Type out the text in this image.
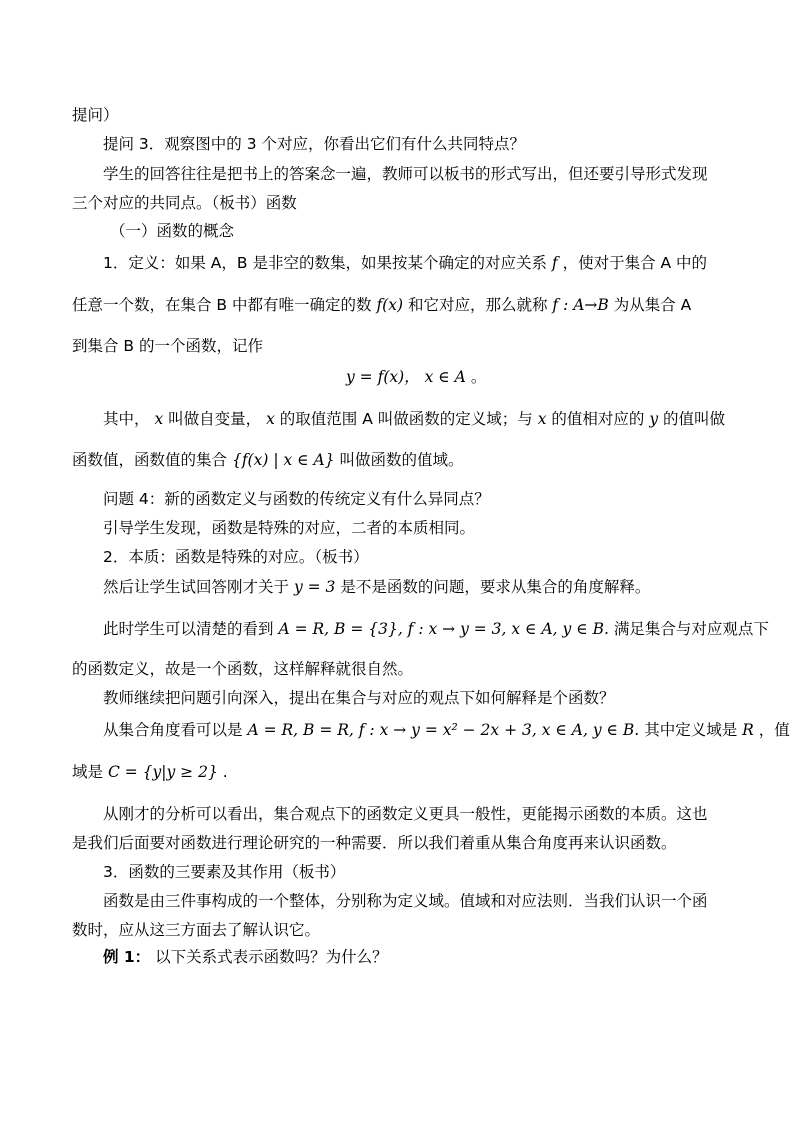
提问）
提问 3．观察图中的 3 个对应，你看出它们有什么共同特点？
学生的回答往往是把书上的答案念一遍，教师可以板书的形式写出，但还要引导形式发现
三个对应的共同点。（板书）函数
（一）函数的概念
1．定义：如果 A，B 是非空的数集，如果按某个确定的对应关系 f ，使对于集合 A 中的
任意一个数，在集合 B 中都有唯一确定的数 f(x) 和它对应，那么就称 f : A→B 为从集合 A
到集合 B 的一个函数，记作
y = f(x)， x ∈ A 。
其中， x 叫做自变量， x 的取值范围 A 叫做函数的定义域；与 x 的值相对应的 y 的值叫做
函数值，函数值的集合 {f(x) | x ∈ A} 叫做函数的值域。
问题 4：新的函数定义与函数的传统定义有什么异同点？
引导学生发现，函数是特殊的对应，二者的本质相同。
2．本质：函数是特殊的对应。（板书）
然后让学生试回答刚才关于 y = 3 是不是函数的问题，要求从集合的角度解释。
此时学生可以清楚的看到 A = R, B = {3}, f : x → y = 3, x ∈ A, y ∈ B. 满足集合与对应观点下
的函数定义，故是一个函数，这样解释就很自然。
教师继续把问题引向深入，提出在集合与对应的观点下如何解释是个函数？
从集合角度看可以是 A = R, B = R, f : x → y = x² − 2x + 3, x ∈ A, y ∈ B. 其中定义域是 R ，值
域是 C = {y|y ≥ 2} .
从刚才的分析可以看出，集合观点下的函数定义更具一般性，更能揭示函数的本质。这也
是我们后面要对函数进行理论研究的一种需要．所以我们着重从集合角度再来认识函数。
3．函数的三要素及其作用（板书）
函数是由三件事构成的一个整体，分别称为定义域。值域和对应法则．当我们认识一个函
数时，应从这三方面去了解认识它。
例 1： 以下关系式表示函数吗？为什么？
